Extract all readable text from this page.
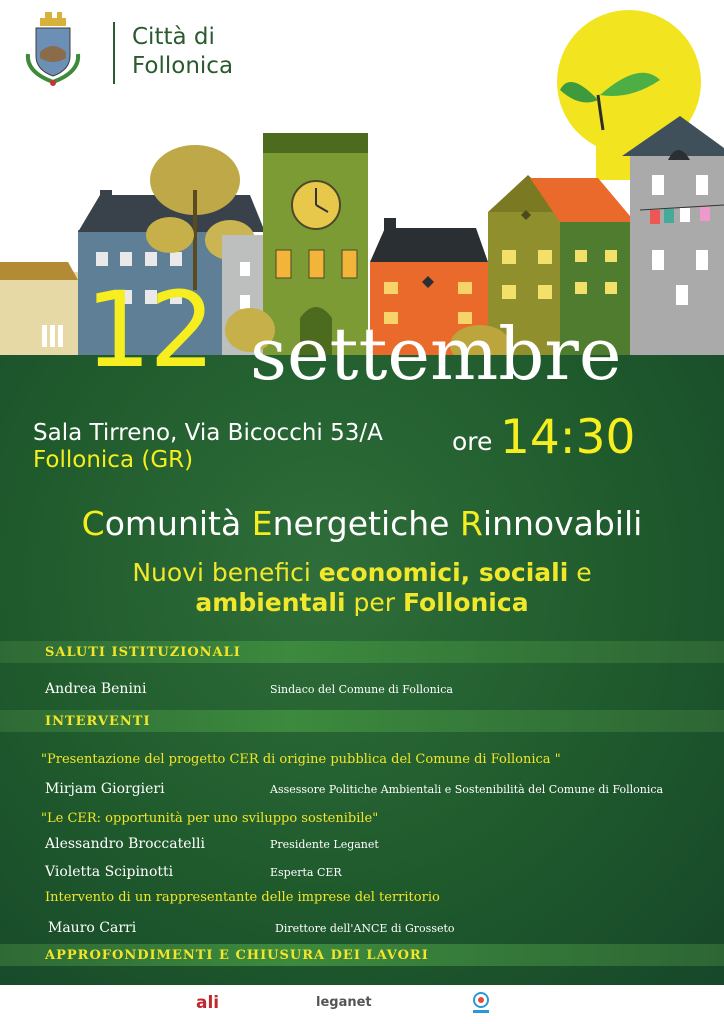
Città di
Follonica
12 settembre
Sala Tirreno, Via Bicocchi 53/A
Follonica (GR)
ore 14:30
Comunità Energetiche Rinnovabili
Nuovi benefici economici, sociali e
ambientali per Follonica
SALUTI ISTITUZIONALI
Andrea Benini	Sindaco del Comune di Follonica
INTERVENTI
"Presentazione del progetto CER di origine pubblica del Comune di Follonica "
Mirjam Giorgieri	Assessore Politiche Ambientali e Sostenibilità del Comune di Follonica
"Le CER: opportunità per uno sviluppo sostenibile"
Alessandro Broccatelli	Presidente Leganet
Violetta Scipinotti	Esperta CER
Intervento di un rappresentante delle imprese del territorio
Mauro Carri	Direttore dell'ANCE di Grosseto
APPROFONDIMENTI E CHIUSURA DEI LAVORI
ali	leganet
